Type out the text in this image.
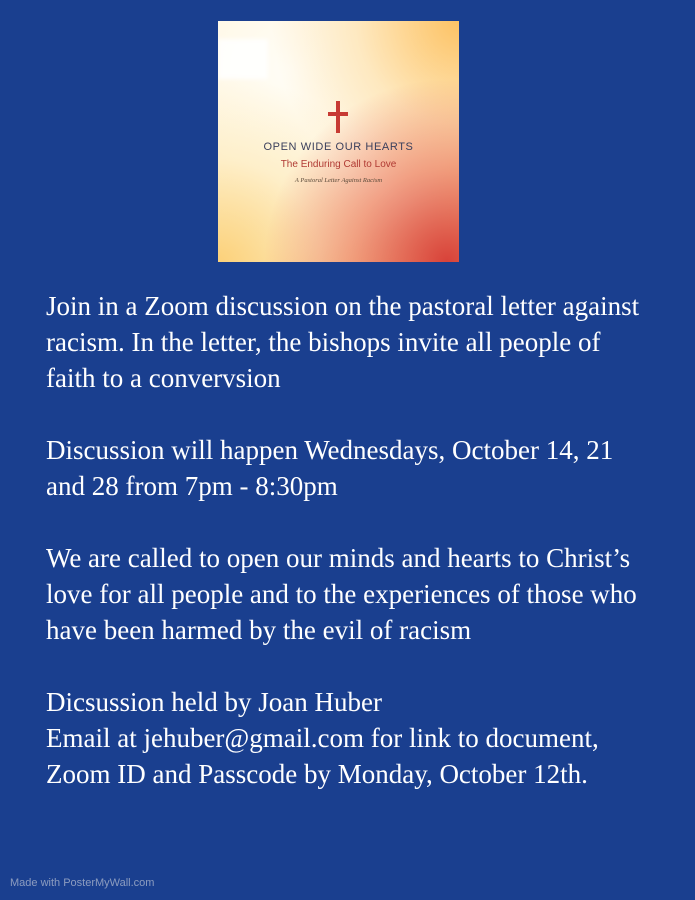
OPEN WIDE OUR HEARTS
The Enduring Call to Love
A Pastoral Letter Against Racism

Join in a Zoom discussion on the pastoral letter against racism. In the letter, the bishops invite all people of faith to a convervsion

Discussion will happen Wednesdays, October 14, 21 and 28 from 7pm - 8:30pm

We are called to open our minds and hearts to Christ’s love for all people and to the experiences of those who have been harmed by the evil of racism

Dicsussion held by Joan Huber

Email at jehuber@gmail.com for link to document, Zoom ID and Passcode by Monday, October 12th.

Made with PosterMyWall.com
